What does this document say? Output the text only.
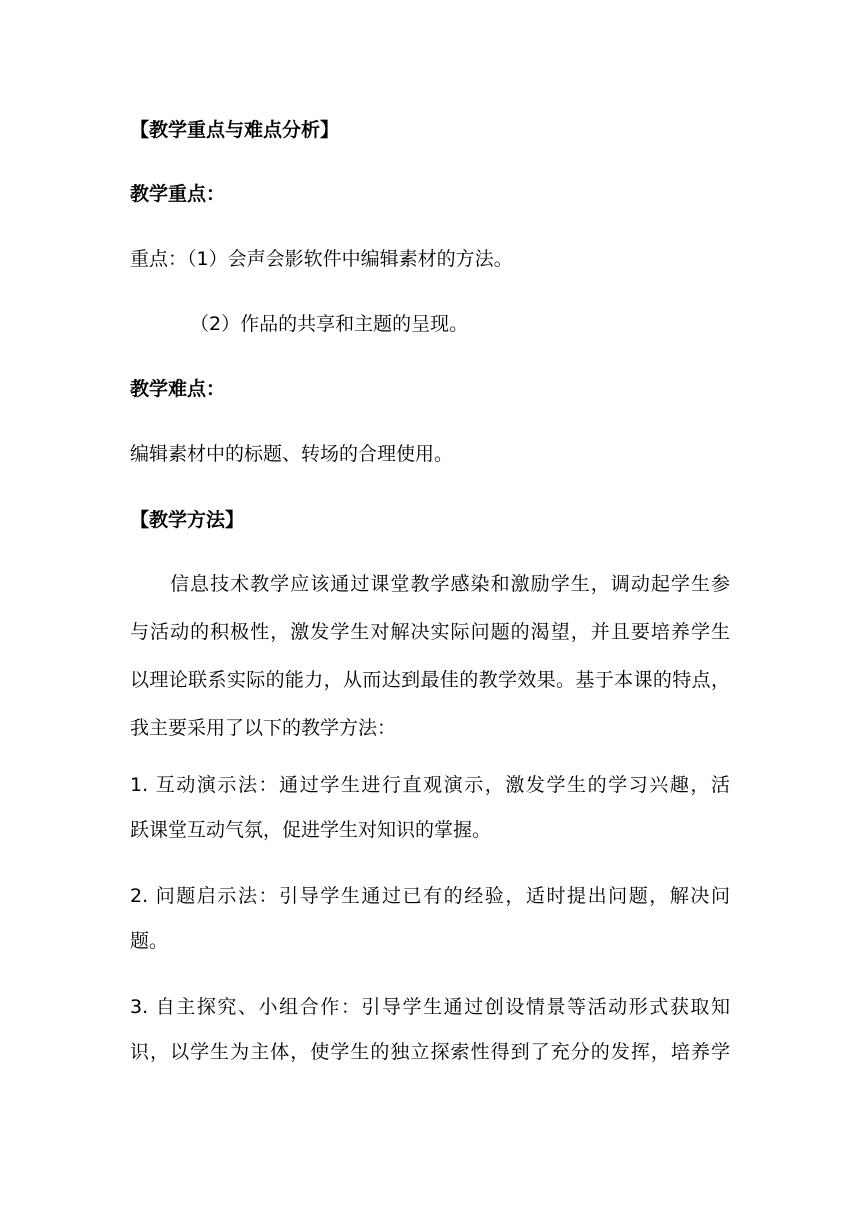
【教学重点与难点分析】
教学重点：
重点：（1）会声会影软件中编辑素材的方法。
（2）作品的共享和主题的呈现。
教学难点：
编辑素材中的标题、转场的合理使用。
【教学方法】
信息技术教学应该通过课堂教学感染和激励学生，调动起学生参
与活动的积极性，激发学生对解决实际问题的渴望，并且要培养学生
以理论联系实际的能力，从而达到最佳的教学效果。基于本课的特点，
我主要采用了以下的教学方法：
1. 互动演示法：通过学生进行直观演示，激发学生的学习兴趣，活
跃课堂互动气氛，促进学生对知识的掌握。
2. 问题启示法：引导学生通过已有的经验，适时提出问题，解决问
题。
3. 自主探究、小组合作：引导学生通过创设情景等活动形式获取知
识，以学生为主体，使学生的独立探索性得到了充分的发挥，培养学
